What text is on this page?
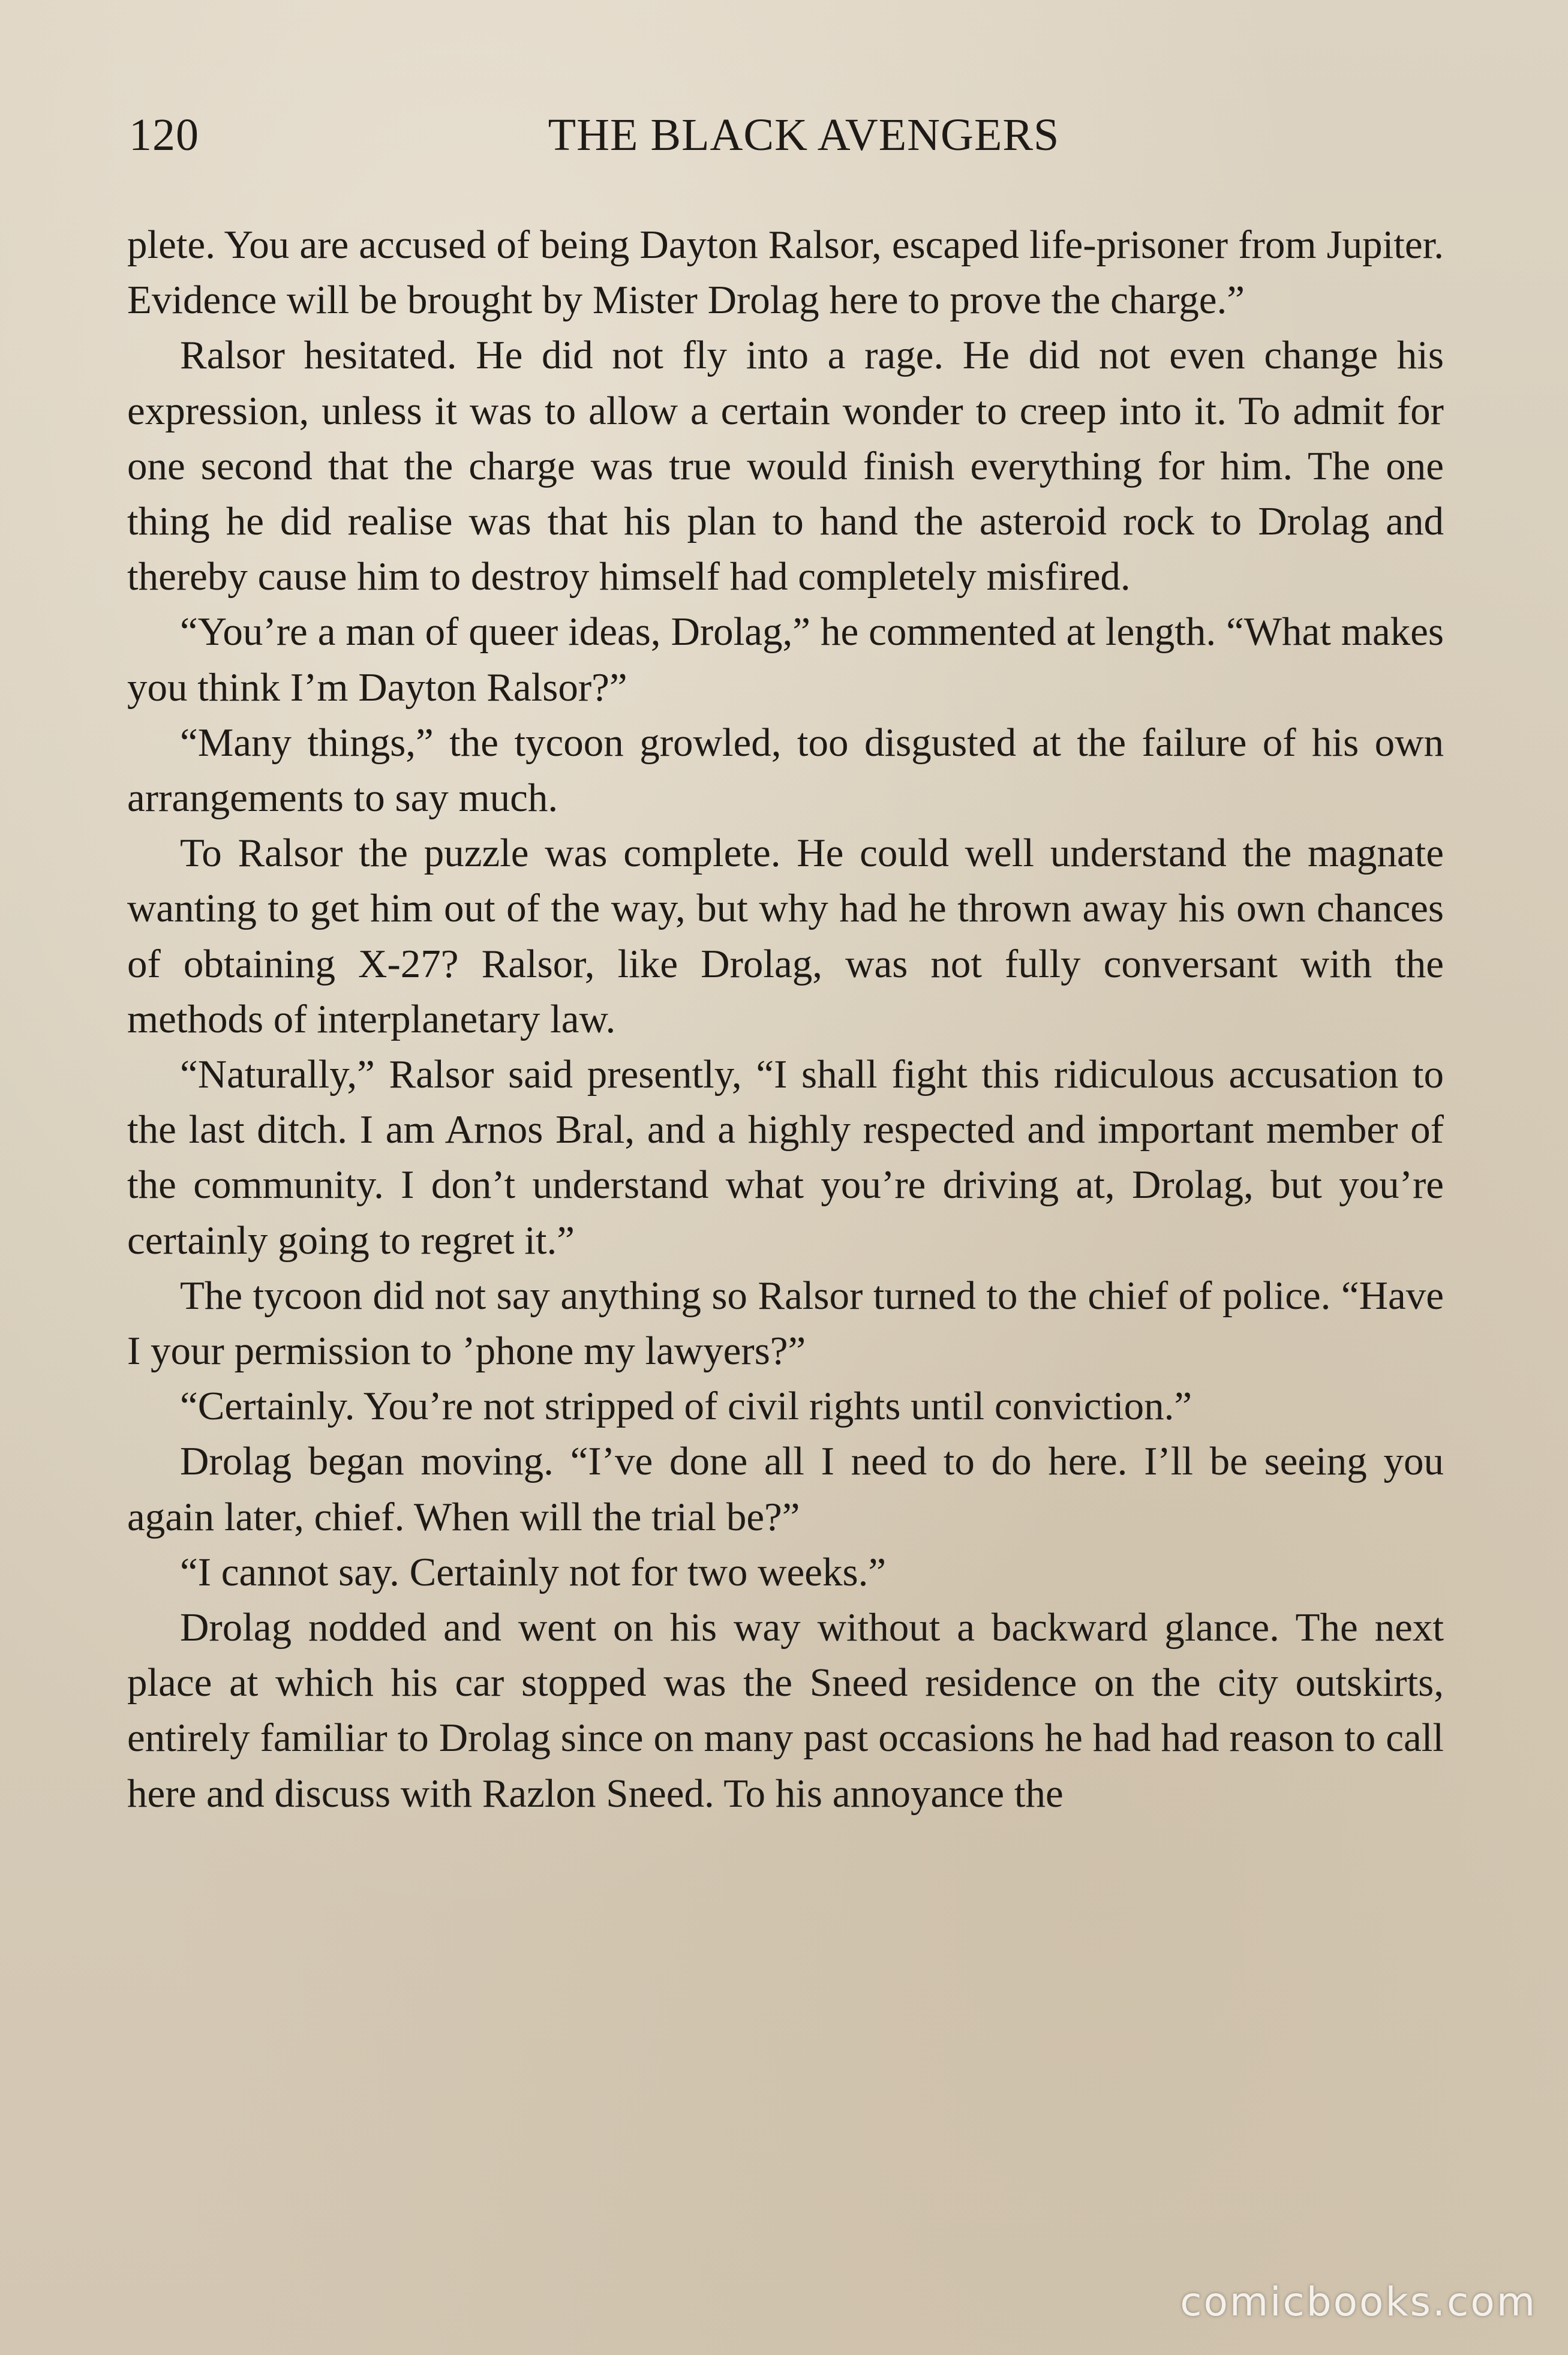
120	THE BLACK AVENGERS

plete. You are accused of being Dayton Ralsor, escaped life-prisoner from Jupiter. Evidence will be brought by Mister Drolag here to prove the charge.”

Ralsor hesitated. He did not fly into a rage. He did not even change his expression, unless it was to allow a certain wonder to creep into it. To admit for one second that the charge was true would finish everything for him. The one thing he did realise was that his plan to hand the asteroid rock to Drolag and thereby cause him to destroy himself had completely misfired.

“You’re a man of queer ideas, Drolag,” he commented at length. “What makes you think I’m Dayton Ralsor?”

“Many things,” the tycoon growled, too disgusted at the failure of his own arrangements to say much.

To Ralsor the puzzle was complete. He could well understand the magnate wanting to get him out of the way, but why had he thrown away his own chances of obtaining X-27? Ralsor, like Drolag, was not fully conversant with the methods of interplanetary law.

“Naturally,” Ralsor said presently, “I shall fight this ridiculous accusation to the last ditch. I am Arnos Bral, and a highly respected and important member of the community. I don’t understand what you’re driving at, Drolag, but you’re certainly going to regret it.”

The tycoon did not say anything so Ralsor turned to the chief of police. “Have I your permission to ’phone my lawyers?”

“Certainly. You’re not stripped of civil rights until conviction.”

Drolag began moving. “I’ve done all I need to do here. I’ll be seeing you again later, chief. When will the trial be?”

“I cannot say. Certainly not for two weeks.”

Drolag nodded and went on his way without a backward glance. The next place at which his car stopped was the Sneed residence on the city outskirts, entirely familiar to Drolag since on many past occasions he had had reason to call here and discuss with Razlon Sneed. To his annoyance the

comicbooks.com
